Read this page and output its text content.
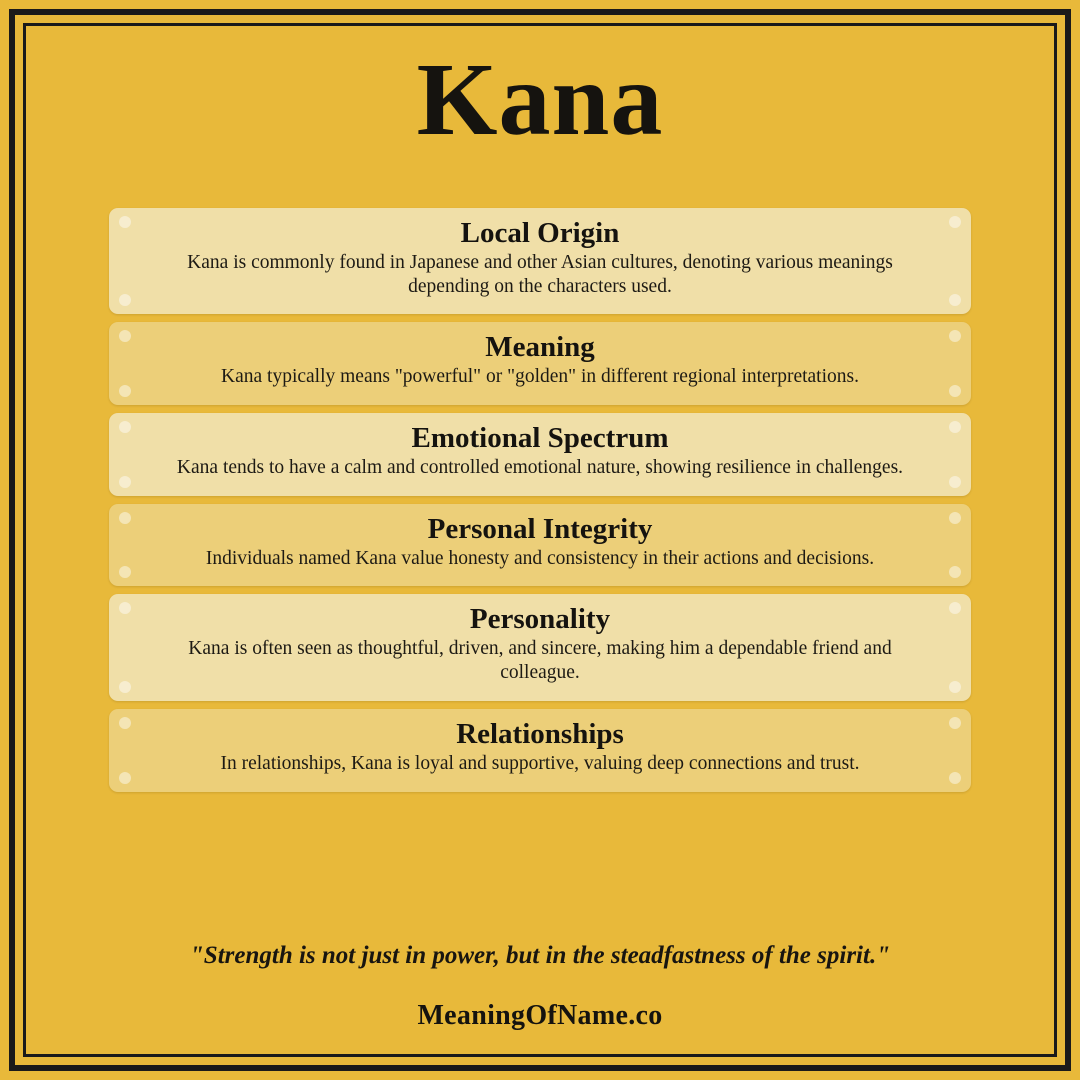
Kana

Local Origin

Kana is commonly found in Japanese and other Asian cultures, denoting various meanings depending on the characters used.

Meaning

Kana typically means "powerful" or "golden" in different regional interpretations.

Emotional Spectrum

Kana tends to have a calm and controlled emotional nature, showing resilience in challenges.

Personal Integrity

Individuals named Kana value honesty and consistency in their actions and decisions.

Personality

Kana is often seen as thoughtful, driven, and sincere, making him a dependable friend and colleague.

Relationships

In relationships, Kana is loyal and supportive, valuing deep connections and trust.

"Strength is not just in power, but in the steadfastness of the spirit."

MeaningOfName.co
